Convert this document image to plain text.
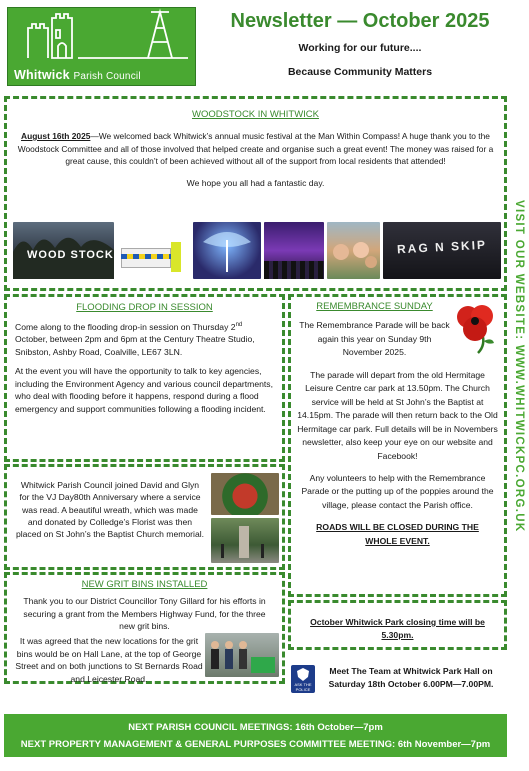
Whitwick Parish Council
Newsletter — October 2025
Working for our future....
Because Community Matters
WOODSTOCK IN WHITWICK
August 16th 2025—We welcomed back Whitwick’s annual music festival at the Man Within Compass! A huge thank you to the Woodstock Committee and all of those involved that helped create and organise such a great event! The money was raised for a great cause, this couldn’t of been achieved without all of the support from local residents that attended!
We hope you all had a fantastic day.
WOOD STOCK	RAG N SKIP
FLOODING DROP IN SESSION
Come along to the flooding drop-in session on Thursday 2nd October, between 2pm and 6pm at the Century Theatre Studio, Snibston, Ashby Road, Coalville, LE67 3LN.
At the event you will have the opportunity to talk to key agencies, including the Environment Agency and various council departments, who deal with flooding before it happens, respond during a flood emergency and support communities following a flooding incident.
Whitwick Parish Council joined David and Glyn for the VJ Day80th Anniversary where a service was read. A beautiful wreath, which was made and donated by Colledge’s Florist was then placed on St John’s the Baptist Church memorial.
NEW GRIT BINS INSTALLED
Thank you to our District Councillor Tony Gillard for his efforts in securing a grant from the Members Highway Fund, for the three new grit bins.
It was agreed that the new locations for the grit bins would be on Hall Lane, at the top of George Street and on both junctions to St Bernards Road and Leicester Road.
REMEMBRANCE SUNDAY
The Remembrance Parade will be back again this year on Sunday 9th November 2025.
The parade will depart from the old Hermitage Leisure Centre car park at 13.50pm. The Church service will be held at St John’s the Baptist at 14.15pm. The parade will then return back to the Old Hermitage car park. Full details will be in Novembers newsletter, also keep your eye on our website and Facebook!
Any volunteers to help with the Remembrance Parade or the putting up of the poppies around the village, please contact the Parish office.
ROADS WILL BE CLOSED DURING THE WHOLE EVENT.
October Whitwick Park closing time will be 5.30pm.
ASK THE POLICE
Meet The Team at Whitwick Park Hall on Saturday 18th October 6.00PM—7.00PM.
NEXT PARISH COUNCIL MEETINGS: 16th October—7pm
NEXT PROPERTY MANAGEMENT & GENERAL PURPOSES COMMITTEE MEETING: 6th November—7pm
VISIT OUR WEBSITE: WWW.WHITWICKPC.ORG.UK
